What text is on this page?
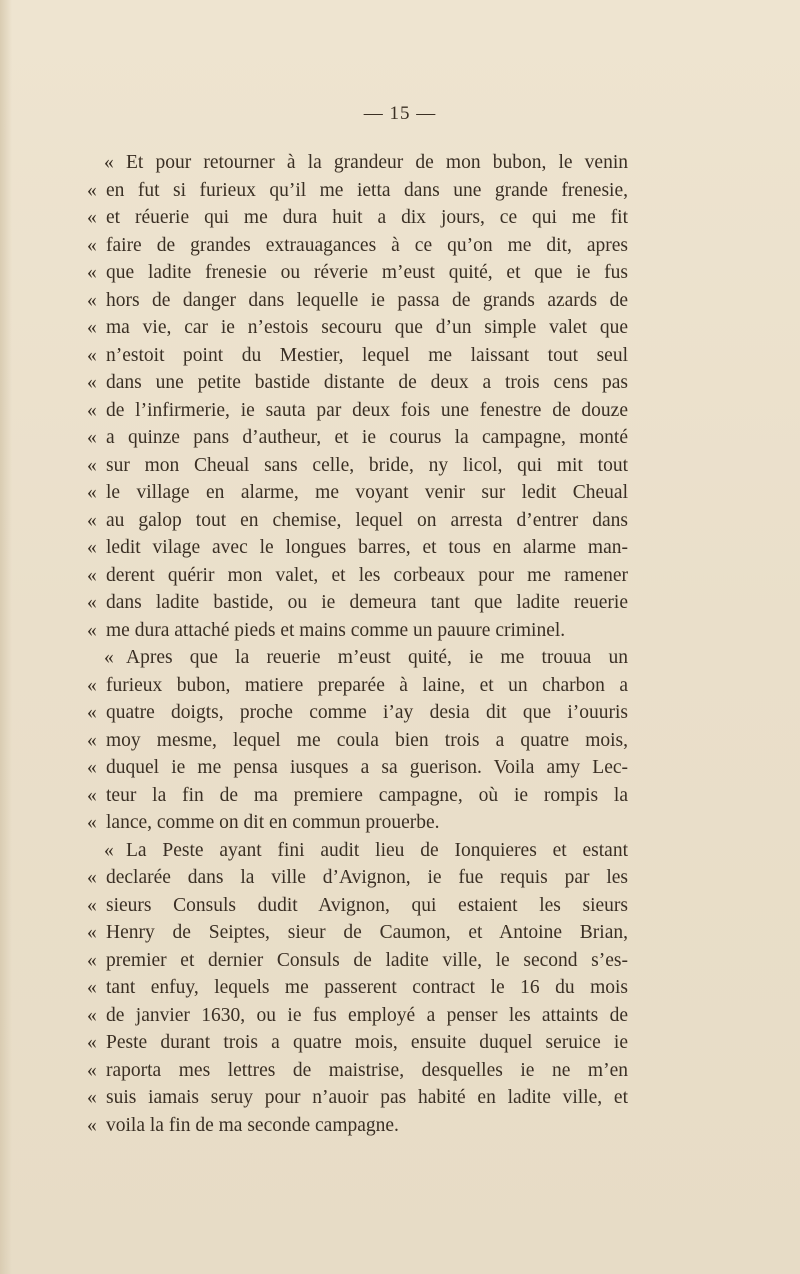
— 15 —
« Et pour retourner à la grandeur de mon bubon, le venin
« en fut si furieux qu’il me ietta dans une grande frenesie,
« et réuerie qui me dura huit a dix jours, ce qui me fit
« faire de grandes extrauagances à ce qu’on me dit, apres
« que ladite frenesie ou réverie m’eust quité, et que ie fus
« hors de danger dans lequelle ie passa de grands azards de
« ma vie, car ie n’estois secouru que d’un simple valet que
« n’estoit point du Mestier, lequel me laissant tout seul
« dans une petite bastide distante de deux a trois cens pas
« de l’infirmerie, ie sauta par deux fois une fenestre de douze
« a quinze pans d’autheur, et ie courus la campagne, monté
« sur mon Cheual sans celle, bride, ny licol, qui mit tout
« le village en alarme, me voyant venir sur ledit Cheual
« au galop tout en chemise, lequel on arresta d’entrer dans
« ledit vilage avec le longues barres, et tous en alarme man-
« derent quérir mon valet, et les corbeaux pour me ramener
« dans ladite bastide, ou ie demeura tant que ladite reuerie
« me dura attaché pieds et mains comme un pauure criminel.
« Apres que la reuerie m’eust quité, ie me trouua un
« furieux bubon, matiere preparée à laine, et un charbon a
« quatre doigts, proche comme i’ay desia dit que i’ouuris
« moy mesme, lequel me coula bien trois a quatre mois,
« duquel ie me pensa iusques a sa guerison. Voila amy Lec-
« teur la fin de ma premiere campagne, où ie rompis la
« lance, comme on dit en commun prouerbe.
« La Peste ayant fini audit lieu de Ionquieres et estant
« declarée dans la ville d’Avignon, ie fue requis par les
« sieurs Consuls dudit Avignon, qui estaient les sieurs
« Henry de Seiptes, sieur de Caumon, et Antoine Brian,
« premier et dernier Consuls de ladite ville, le second s’es-
« tant enfuy, lequels me passerent contract le 16 du mois
« de janvier 1630, ou ie fus employé a penser les attaints de
« Peste durant trois a quatre mois, ensuite duquel seruice ie
« raporta mes lettres de maistrise, desquelles ie ne m’en
« suis iamais seruy pour n’auoir pas habité en ladite ville, et
« voila la fin de ma seconde campagne.
